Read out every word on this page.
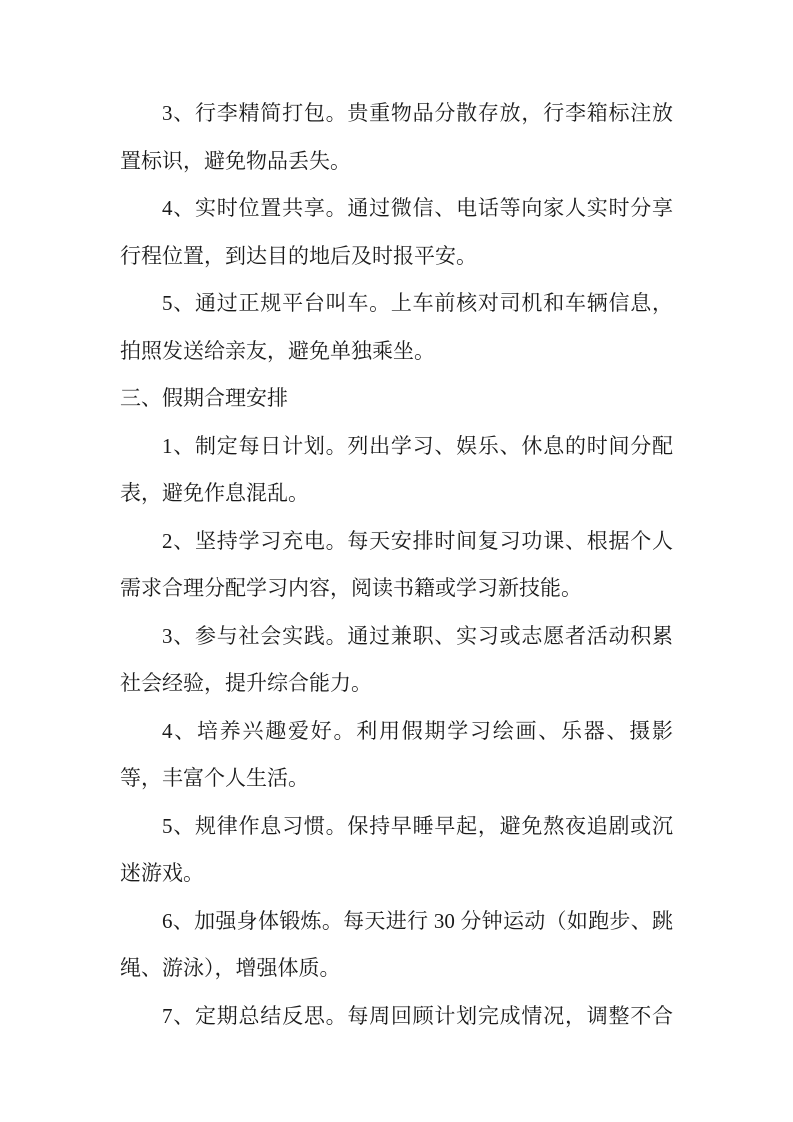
3、行李精简打包。贵重物品分散存放，行李箱标注放置标识，避免物品丢失。

4、实时位置共享。通过微信、电话等向家人实时分享行程位置，到达目的地后及时报平安。

5、通过正规平台叫车。上车前核对司机和车辆信息，拍照发送给亲友，避免单独乘坐。

三、假期合理安排

1、制定每日计划。列出学习、娱乐、休息的时间分配表，避免作息混乱。

2、坚持学习充电。每天安排时间复习功课、根据个人需求合理分配学习内容，阅读书籍或学习新技能。

3、参与社会实践。通过兼职、实习或志愿者活动积累社会经验，提升综合能力。

4、培养兴趣爱好。利用假期学习绘画、乐器、摄影等，丰富个人生活。

5、规律作息习惯。保持早睡早起，避免熬夜追剧或沉迷游戏。

6、加强身体锻炼。每天进行 30 分钟运动（如跑步、跳绳、游泳），增强体质。

7、定期总结反思。每周回顾计划完成情况，调整不合
